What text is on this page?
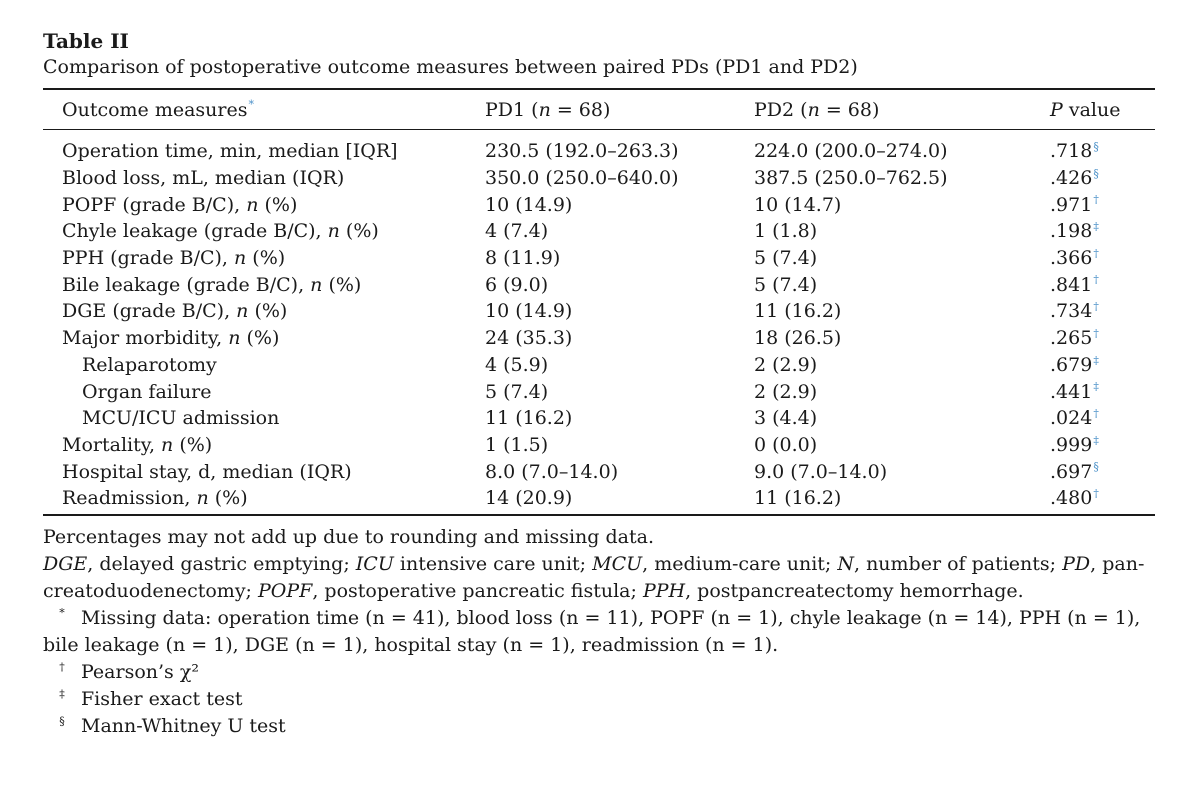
Table II

Comparison of postoperative outcome measures between paired PDs (PD1 and PD2)

Outcome measures*	PD1 (n = 68)	PD2 (n = 68)	P value
Operation time, min, median [IQR]	230.5 (192.0–263.3)	224.0 (200.0–274.0)	.718§
Blood loss, mL, median (IQR)	350.0 (250.0–640.0)	387.5 (250.0–762.5)	.426§
POPF (grade B/C), n (%)	10 (14.9)	10 (14.7)	.971†
Chyle leakage (grade B/C), n (%)	4 (7.4)	1 (1.8)	.198‡
PPH (grade B/C), n (%)	8 (11.9)	5 (7.4)	.366†
Bile leakage (grade B/C), n (%)	6 (9.0)	5 (7.4)	.841†
DGE (grade B/C), n (%)	10 (14.9)	11 (16.2)	.734†
Major morbidity, n (%)	24 (35.3)	18 (26.5)	.265†
Relaparotomy	4 (5.9)	2 (2.9)	.679‡
Organ failure	5 (7.4)	2 (2.9)	.441‡
MCU/ICU admission	11 (16.2)	3 (4.4)	.024†
Mortality, n (%)	1 (1.5)	0 (0.0)	.999‡
Hospital stay, d, median (IQR)	8.0 (7.0–14.0)	9.0 (7.0–14.0)	.697§
Readmission, n (%)	14 (20.9)	11 (16.2)	.480†

Percentages may not add up due to rounding and missing data.

DGE, delayed gastric emptying; ICU intensive care unit; MCU, medium-care unit; N, number of patients; PD, pan-creatoduodenectomy; POPF, postoperative pancreatic fistula; PPH, postpancreatectomy hemorrhage.

* Missing data: operation time (n = 41), blood loss (n = 11), POPF (n = 1), chyle leakage (n = 14), PPH (n = 1), bile leakage (n = 1), DGE (n = 1), hospital stay (n = 1), readmission (n = 1).

† Pearson’s χ²
‡ Fisher exact test
§ Mann-Whitney U test
